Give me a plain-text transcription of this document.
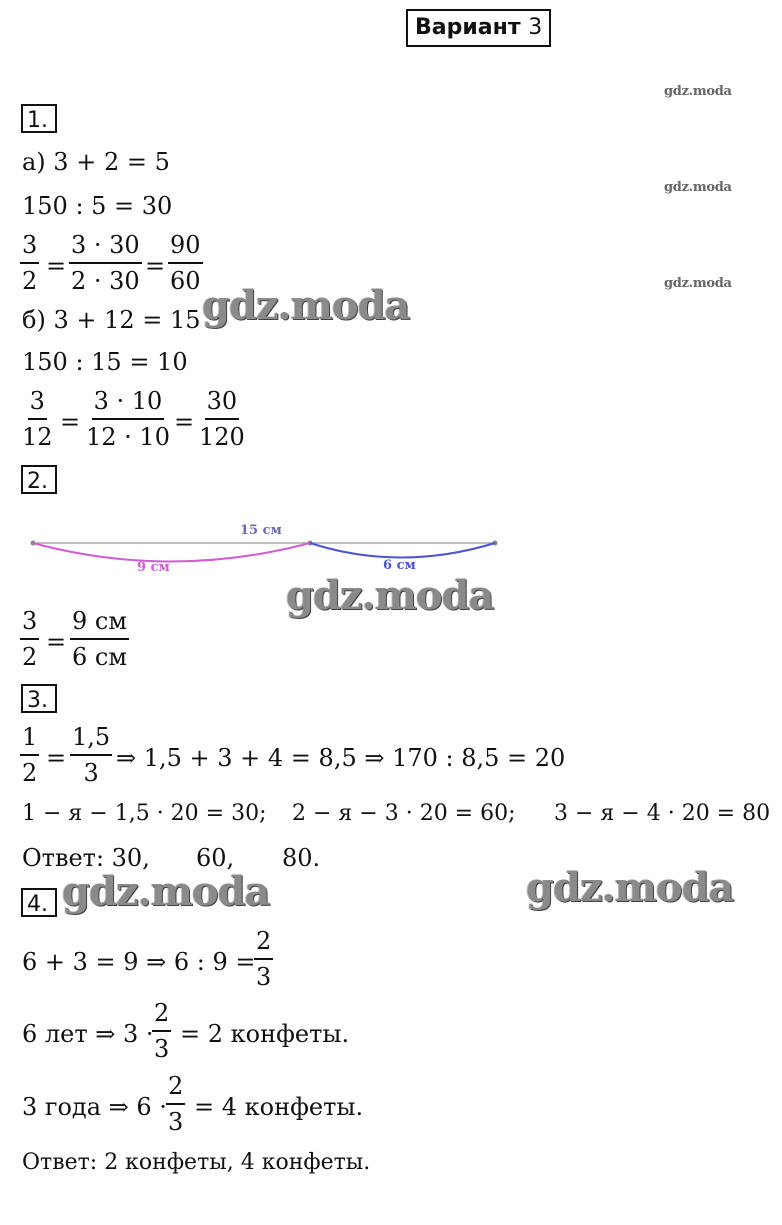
Вариант 3
gdz.moda
gdz.moda
gdz.moda
1.
а) 3 + 2 = 5
150 : 5 = 30
$\frac{3}{2} = \frac{3 \cdot 30}{2 \cdot 30} = \frac{90}{60}$
gdz.moda
б) 3 + 12 = 15
150 : 15 = 10
$\frac{3}{12} = \frac{3 \cdot 10}{12 \cdot 10} = \frac{30}{120}$
2.
15 см
9 см	6 см
gdz.moda
$\frac{3}{2}$ =
9 см
6 см
3.
$\frac{1}{2} = \frac{1,5}{3}$ ⇒ 1,5 + 3 + 4 = 8,5 ⇒ 170 : 8,5 = 20
1 − я − 1,5 · 20 = 30; 2 − я − 3 · 20 = 60; 3 − я − 4 · 20 = 80
Ответ: 30, 60, 80.
4. gdz.moda	gdz.moda
6 + 3 = 9 ⇒ 6 : 9 =
$\frac{2}{3}$
6 лет ⇒ 3 ·
$\frac{2}{3} = 2$ конфеты.
3 года ⇒ $6 \cdot \frac{2}{3} = 4$ конфеты.
Ответ: 2 конфеты, 4 конфеты.
